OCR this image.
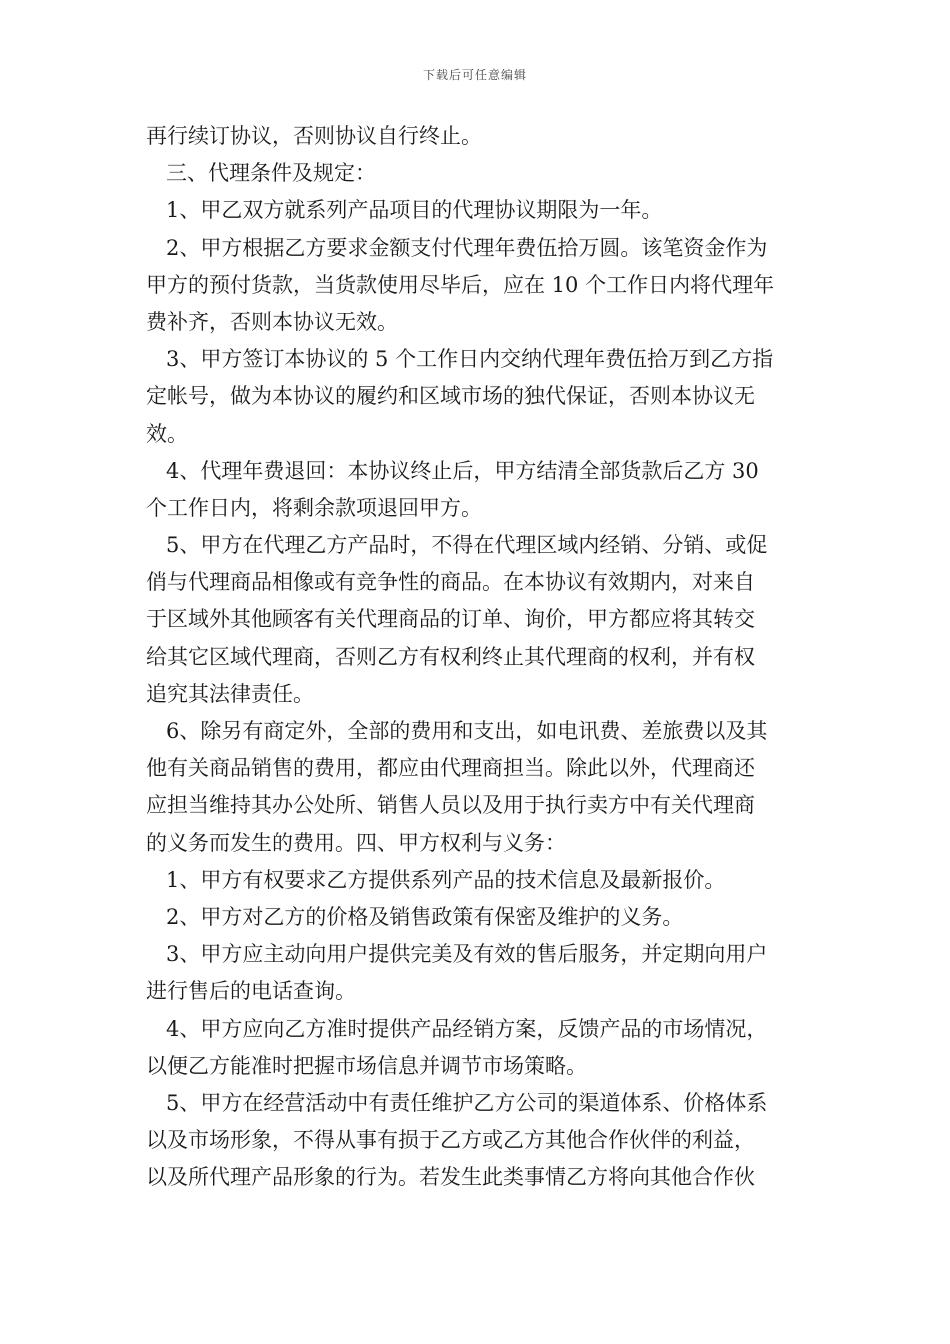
下载后可任意编辑
再行续订协议，否则协议自行终止。
三、代理条件及规定：
1、甲乙双方就系列产品项目的代理协议期限为一年。
2、甲方根据乙方要求金额支付代理年费伍拾万圆。该笔资金作为
甲方的预付货款，当货款使用尽毕后，应在 10 个工作日内将代理年
费补齐，否则本协议无效。
3、甲方签订本协议的 5 个工作日内交纳代理年费伍拾万到乙方指
定帐号，做为本协议的履约和区域市场的独代保证，否则本协议无
效。
4、代理年费退回：本协议终止后，甲方结清全部货款后乙方 30
个工作日内，将剩余款项退回甲方。
5、甲方在代理乙方产品时，不得在代理区域内经销、分销、或促
俏与代理商品相像或有竞争性的商品。在本协议有效期内，对来自
于区域外其他顾客有关代理商品的订单、询价，甲方都应将其转交
给其它区域代理商，否则乙方有权利终止其代理商的权利，并有权
追究其法律责任。
6、除另有商定外，全部的费用和支出，如电讯费、差旅费以及其
他有关商品销售的费用，都应由代理商担当。除此以外，代理商还
应担当维持其办公处所、销售人员以及用于执行卖方中有关代理商
的义务而发生的费用。四、甲方权利与义务：
1、甲方有权要求乙方提供系列产品的技术信息及最新报价。
2、甲方对乙方的价格及销售政策有保密及维护的义务。
3、甲方应主动向用户提供完美及有效的售后服务，并定期向用户
进行售后的电话查询。
4、甲方应向乙方准时提供产品经销方案，反馈产品的市场情况，
以便乙方能准时把握市场信息并调节市场策略。
5、甲方在经营活动中有责任维护乙方公司的渠道体系、价格体系
以及市场形象，不得从事有损于乙方或乙方其他合作伙伴的利益，
以及所代理产品形象的行为。若发生此类事情乙方将向其他合作伙
